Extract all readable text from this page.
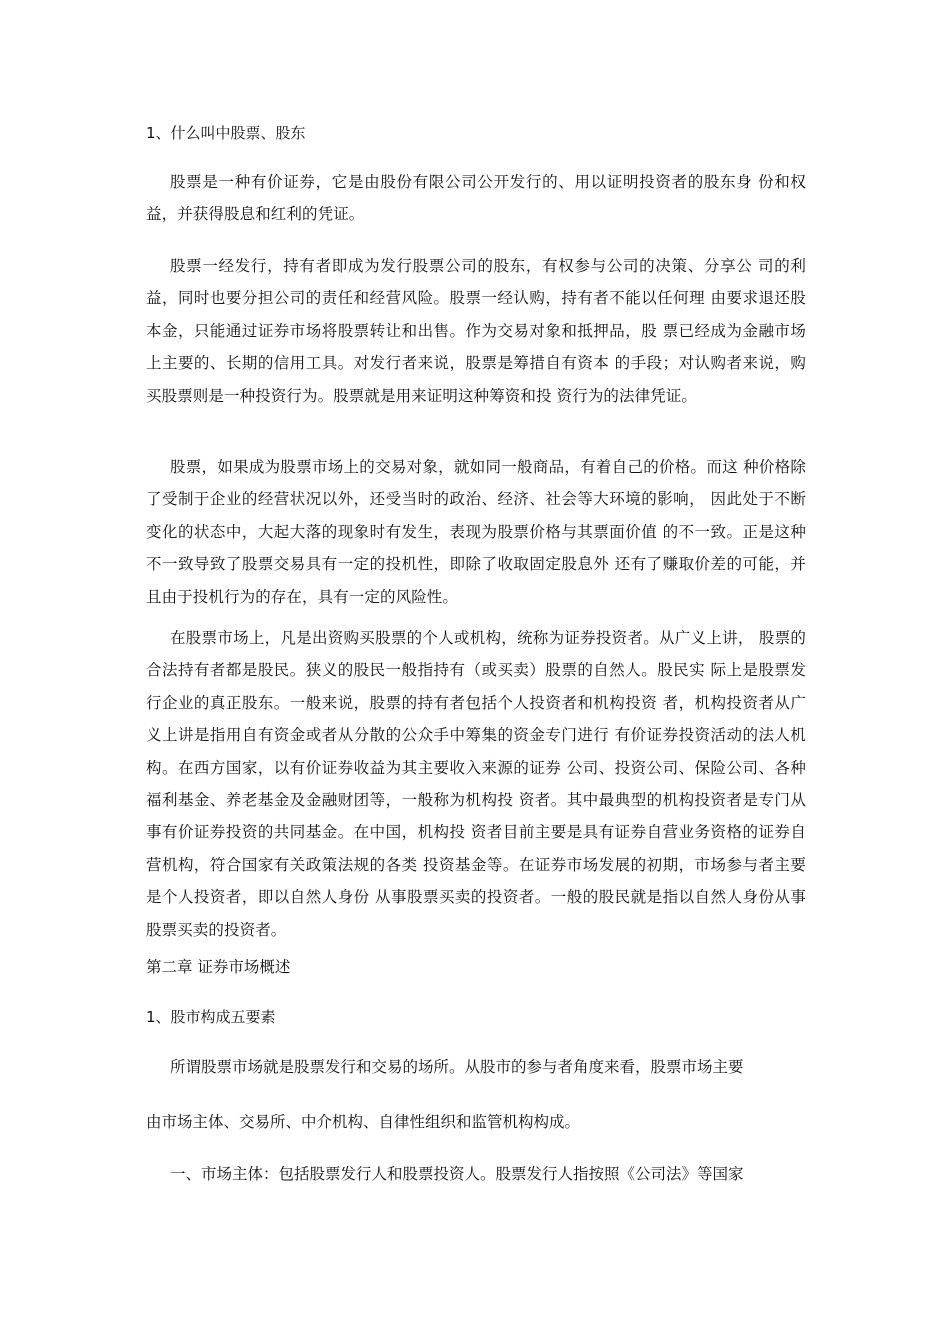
1、什么叫中股票、股东

股票是一种有价证券，它是由股份有限公司公开发行的、用以证明投资者的股东身 份和权益，并获得股息和红利的凭证。

股票一经发行，持有者即成为发行股票公司的股东，有权参与公司的决策、分享公 司的利益，同时也要分担公司的责任和经营风险。股票一经认购，持有者不能以任何理 由要求退还股本金，只能通过证券市场将股票转让和出售。作为交易对象和抵押品，股 票已经成为金融市场上主要的、长期的信用工具。对发行者来说，股票是筹措自有资本 的手段；对认购者来说，购买股票则是一种投资行为。股票就是用来证明这种筹资和投 资行为的法律凭证。

股票，如果成为股票市场上的交易对象，就如同一般商品，有着自己的价格。而这 种价格除了受制于企业的经营状况以外，还受当时的政治、经济、社会等大环境的影响， 因此处于不断变化的状态中，大起大落的现象时有发生，表现为股票价格与其票面价值 的不一致。正是这种不一致导致了股票交易具有一定的投机性，即除了收取固定股息外 还有了赚取价差的可能，并且由于投机行为的存在，具有一定的风险性。

在股票市场上，凡是出资购买股票的个人或机构，统称为证券投资者。从广义上讲， 股票的合法持有者都是股民。狭义的股民一般指持有（或买卖）股票的自然人。股民实 际上是股票发行企业的真正股东。一般来说，股票的持有者包括个人投资者和机构投资 者，机构投资者从广义上讲是指用自有资金或者从分散的公众手中筹集的资金专门进行 有价证券投资活动的法人机构。在西方国家，以有价证券收益为其主要收入来源的证券 公司、投资公司、保险公司、各种福利基金、养老基金及金融财团等，一般称为机构投 资者。其中最典型的机构投资者是专门从事有价证券投资的共同基金。在中国，机构投 资者目前主要是具有证券自营业务资格的证券自营机构，符合国家有关政策法规的各类 投资基金等。在证券市场发展的初期，市场参与者主要是个人投资者，即以自然人身份 从事股票买卖的投资者。一般的股民就是指以自然人身份从事股票买卖的投资者。

第二章 证券市场概述

1、股市构成五要素

所谓股票市场就是股票发行和交易的场所。从股市的参与者角度来看，股票市场主要

由市场主体、交易所、中介机构、自律性组织和监管机构构成。

一、市场主体：包括股票发行人和股票投资人。股票发行人指按照《公司法》等国家
